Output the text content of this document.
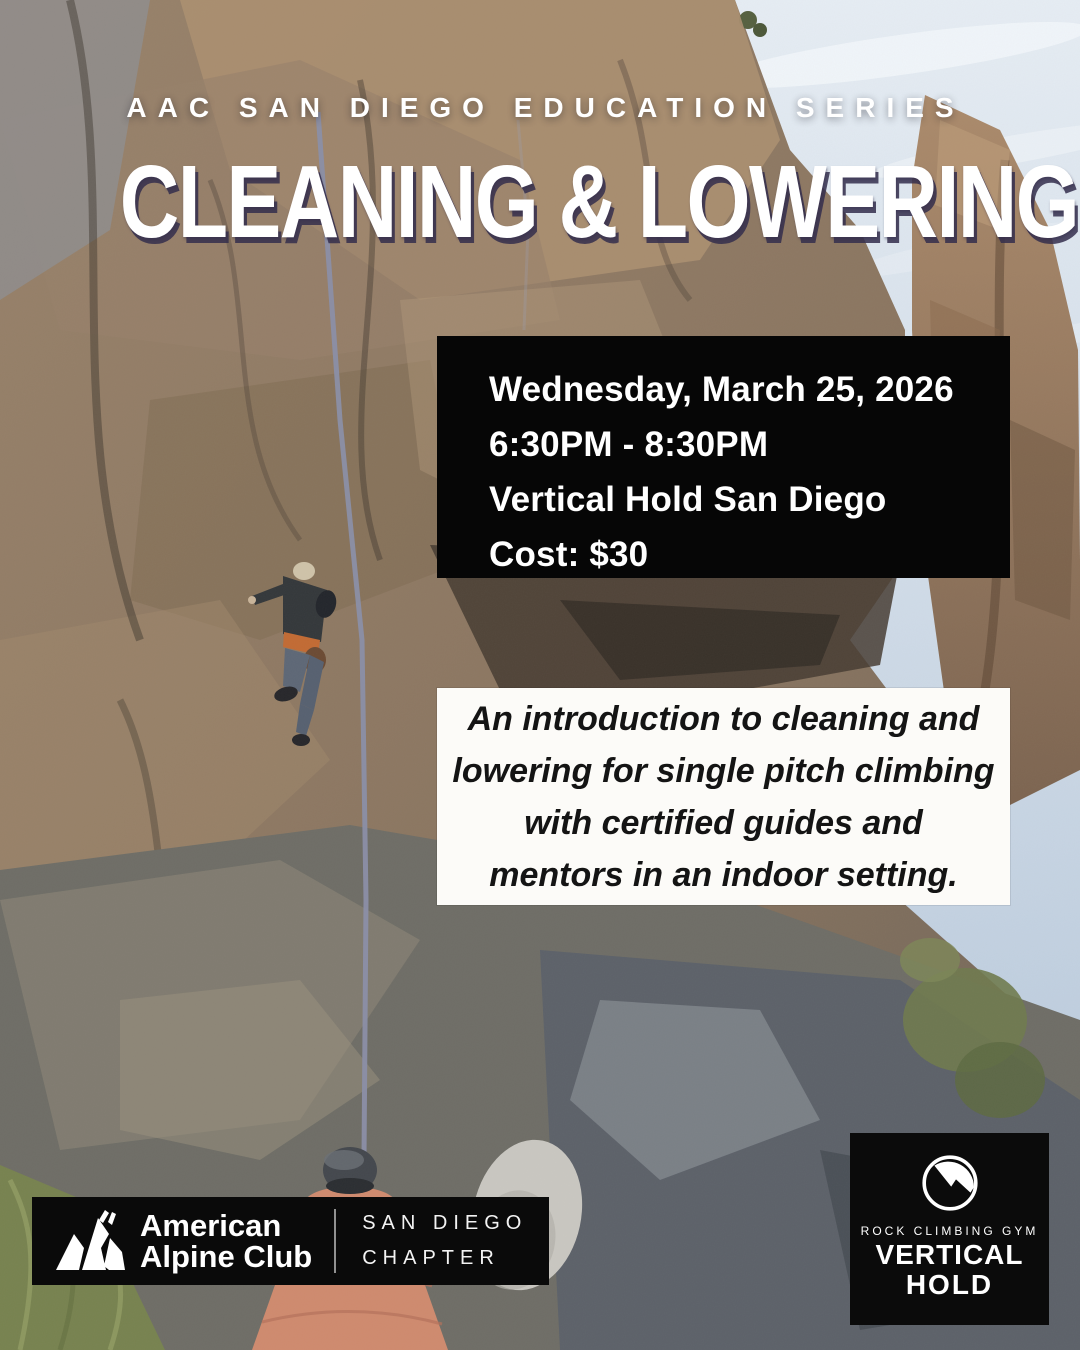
AAC SAN DIEGO EDUCATION SERIES
CLEANING & LOWERING
Wednesday, March 25, 2026
6:30PM - 8:30PM
Vertical Hold San Diego
Cost: $30
An introduction to cleaning and
lowering for single pitch climbing
with certified guides and
mentors in an indoor setting.
American
Alpine Club
SAN DIEGO
CHAPTER
ROCK CLIMBING GYM
VERTICAL
HOLD
